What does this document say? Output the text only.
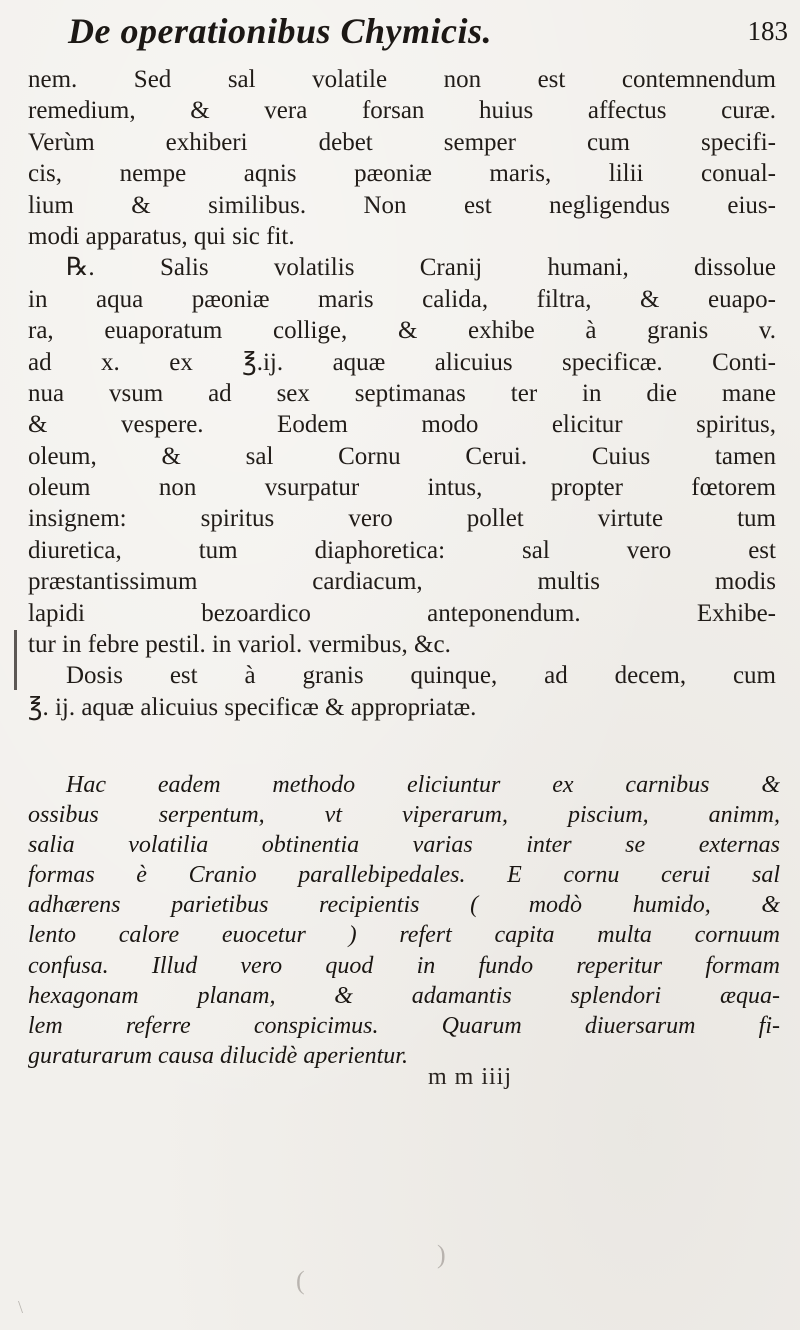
De operationibus Chymicis.	183
nem. Sed sal volatile non est contemnendum
remedium, & vera forsan huius affectus curæ.
Verùm exhiberi debet semper cum specifi-
cis, nempe aqnis pæoniæ maris, lilii conual-
lium & similibus. Non est negligendus eius-
modi apparatus, qui sic fit.
℞. Salis volatilis Cranij humani, dissolue
in aqua pæoniæ maris calida, filtra, & euapo-
ra, euaporatum collige, & exhibe à granis v.
ad x. ex ℥.ij. aquæ alicuius specificæ. Conti-
nua vsum ad sex septimanas ter in die mane
& vespere. Eodem modo elicitur spiritus,
oleum, & sal Cornu Cerui. Cuius tamen
oleum non vsurpatur intus, propter fœtorem
insignem: spiritus vero pollet virtute tum
diuretica, tum diaphoretica: sal vero est
præstantissimum cardiacum, multis modis
lapidi bezoardico anteponendum. Exhibe-
tur in febre pestil. in variol. vermibus, &c.
Dosis est à granis quinque, ad decem, cum
℥. ij. aquæ alicuius specificæ & appropriatæ.
Hac eadem methodo eliciuntur ex carnibus &
ossibus serpentum, vt viperarum, piscium, animm,
salia volatilia obtinentia varias inter se externas
formas è Cranio parallebipedales. E cornu cerui sal
adhærens parietibus recipientis ( modò humido, &
lento calore euocetur ) refert capita multa cornuum
confusa. Illud vero quod in fundo reperitur formam
hexagonam planam, & adamantis splendori æqua-
lem referre conspicimus. Quarum diuersarum fi-
guraturarum causa dilucidè aperientur.
m m iiij
)
(
\
